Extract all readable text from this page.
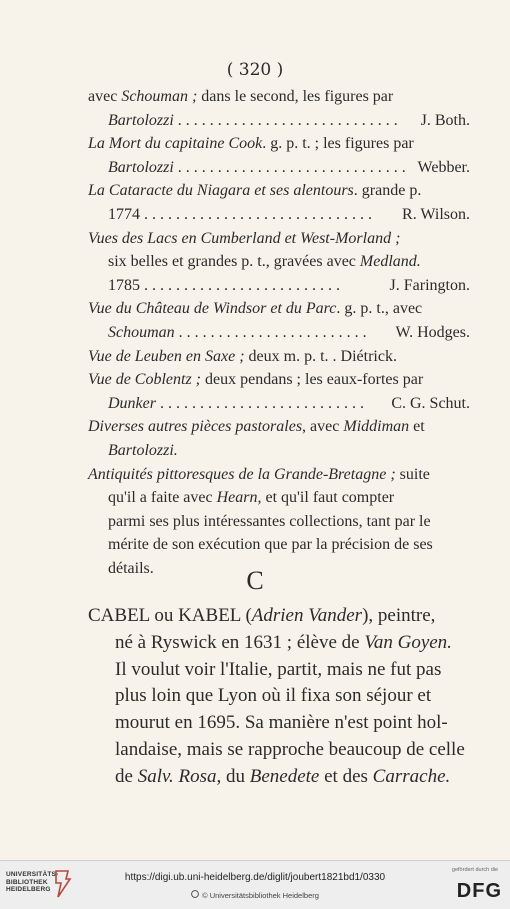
( 320 )
avec Schouman ; dans le second, les figures par
Bartolozzi . . . . . . . . . . . . . . . . . . . . . . . . . . . . J. Both.
La Mort du capitaine Cook. g. p. t. ; les figures par
Bartolozzi . . . . . . . . . . . . . . . . . . . . . . . . . . . . . Webber.
La Cataracte du Niagara et ses alentours. grande p.
1774 . . . . . . . . . . . . . . . . . . . . . . . . . . . . . R. Wilson.
Vues des Lacs en Cumberland et West-Morland ;
six belles et grandes p. t., gravées avec Medland.
1785 . . . . . . . . . . . . . . . . . . . . . . . . .	J. Farington.
Vue du Château de Windsor et du Parc. g. p. t., avec
Schouman . . . . . . . . . . . . . . . . . . . . . . . . W. Hodges.
Vue de Leuben en Saxe ; deux m. p. t. . Diétrick.
Vue de Coblentz ; deux pendans ; les eaux-fortes par
Dunker . . . . . . . . . . . . . . . . . . . . . . . . . . C. G. Schut.
Diverses autres pièces pastorales, avec Middiman et
Bartolozzi.
Antiquités pittoresques de la Grande-Bretagne ; suite
qu'il a faite avec Hearn, et qu'il faut compter
parmi ses plus intéressantes collections, tant par le
mérite de son exécution que par la précision de ses
détails.	C
CABEL ou KABEL (Adrien Vander), peintre,
né à Ryswick en 1631 ; élève de Van Goyen.
Il voulut voir l'Italie, partit, mais ne fut pas
plus loin que Lyon où il fixa son séjour et
mourut en 1695. Sa manière n'est point hol-
landaise, mais se rapproche beaucoup de celle
de Salv. Rosa, du Benedete et des Carrache.
UNIVERSITÄTS-
BIBLIOTHEK
HEIDELBERG
https://digi.ub.uni-heidelberg.de/diglit/joubert1821bd1/0330
© Universitätsbibliothek Heidelberg
gefördert durch die
DFG
